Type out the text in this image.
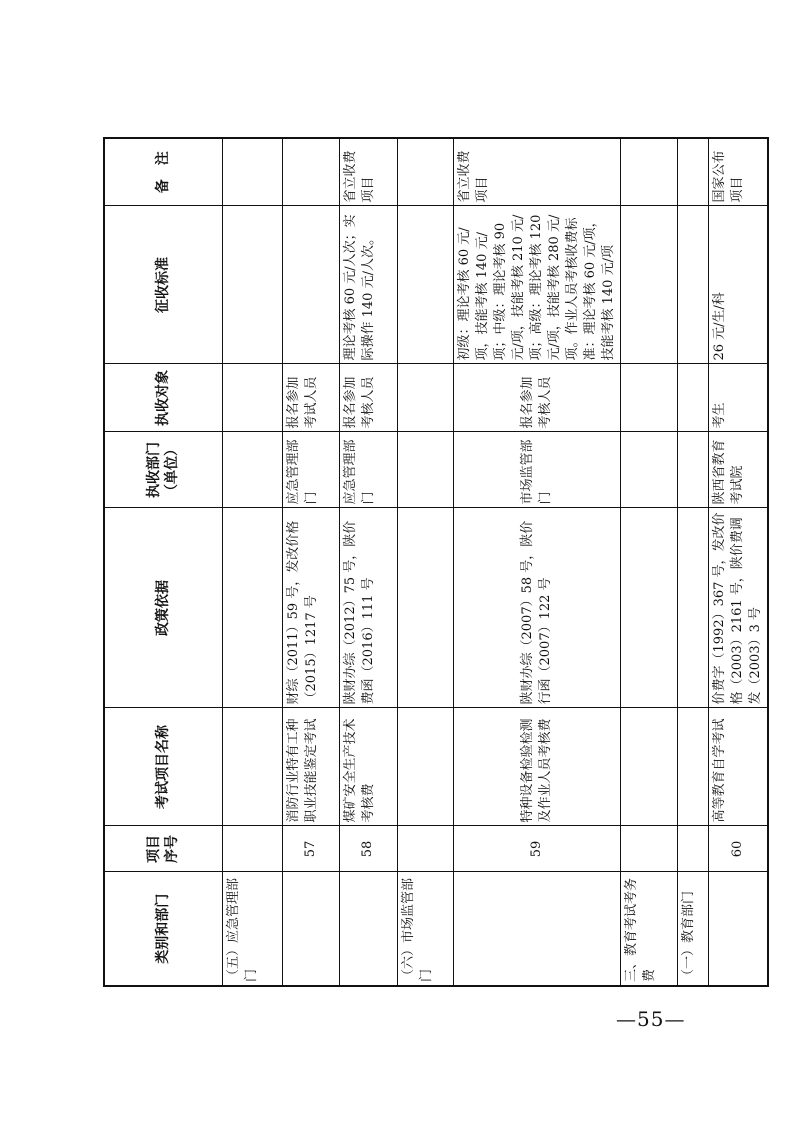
类别和部门	项目序号	考试项目名称	政策依据	执收部门（单位）	执收对象	征收标准	备　注
（五）应急管理部门							
	57	消防行业特有工种职业技能鉴定考试	财综（2011）59 号，发改价格（2015）1217 号	应急管理部门	报名参加考试人员		
	58	煤矿安全生产技术考核费	陕财办综（2012）75 号，陕价费函（2016）111 号	应急管理部门	报名参加考核人员	理论考核 60 元/人次；实际操作 140 元/人次。	省立收费项目
（六）市场监管部门							
	59	特种设备检验检测及作业人员考核费	陕财办综（2007）58 号，陕价行函（2007）122 号	市场监管部门	报名参加考核人员	初级：理论考核 60 元/项，技能考核 140 元/项；中级：理论考核 90 元/项，技能考核 210 元/项；高级：理论考核 120 元/项，技能考核 280 元/项。作业人员考核收费标准：理论考核 60 元/项，技能考核 140 元/项	省立收费项目
三、教育考试考务费							
（一）教育部门							
	60	高等教育自学考试	价费字（1992）367 号，发改价格（2003）2161 号，陕价费调发（2003）3 号	陕西省教育考试院	考生	26 元/生/科	国家公布项目
—55—
